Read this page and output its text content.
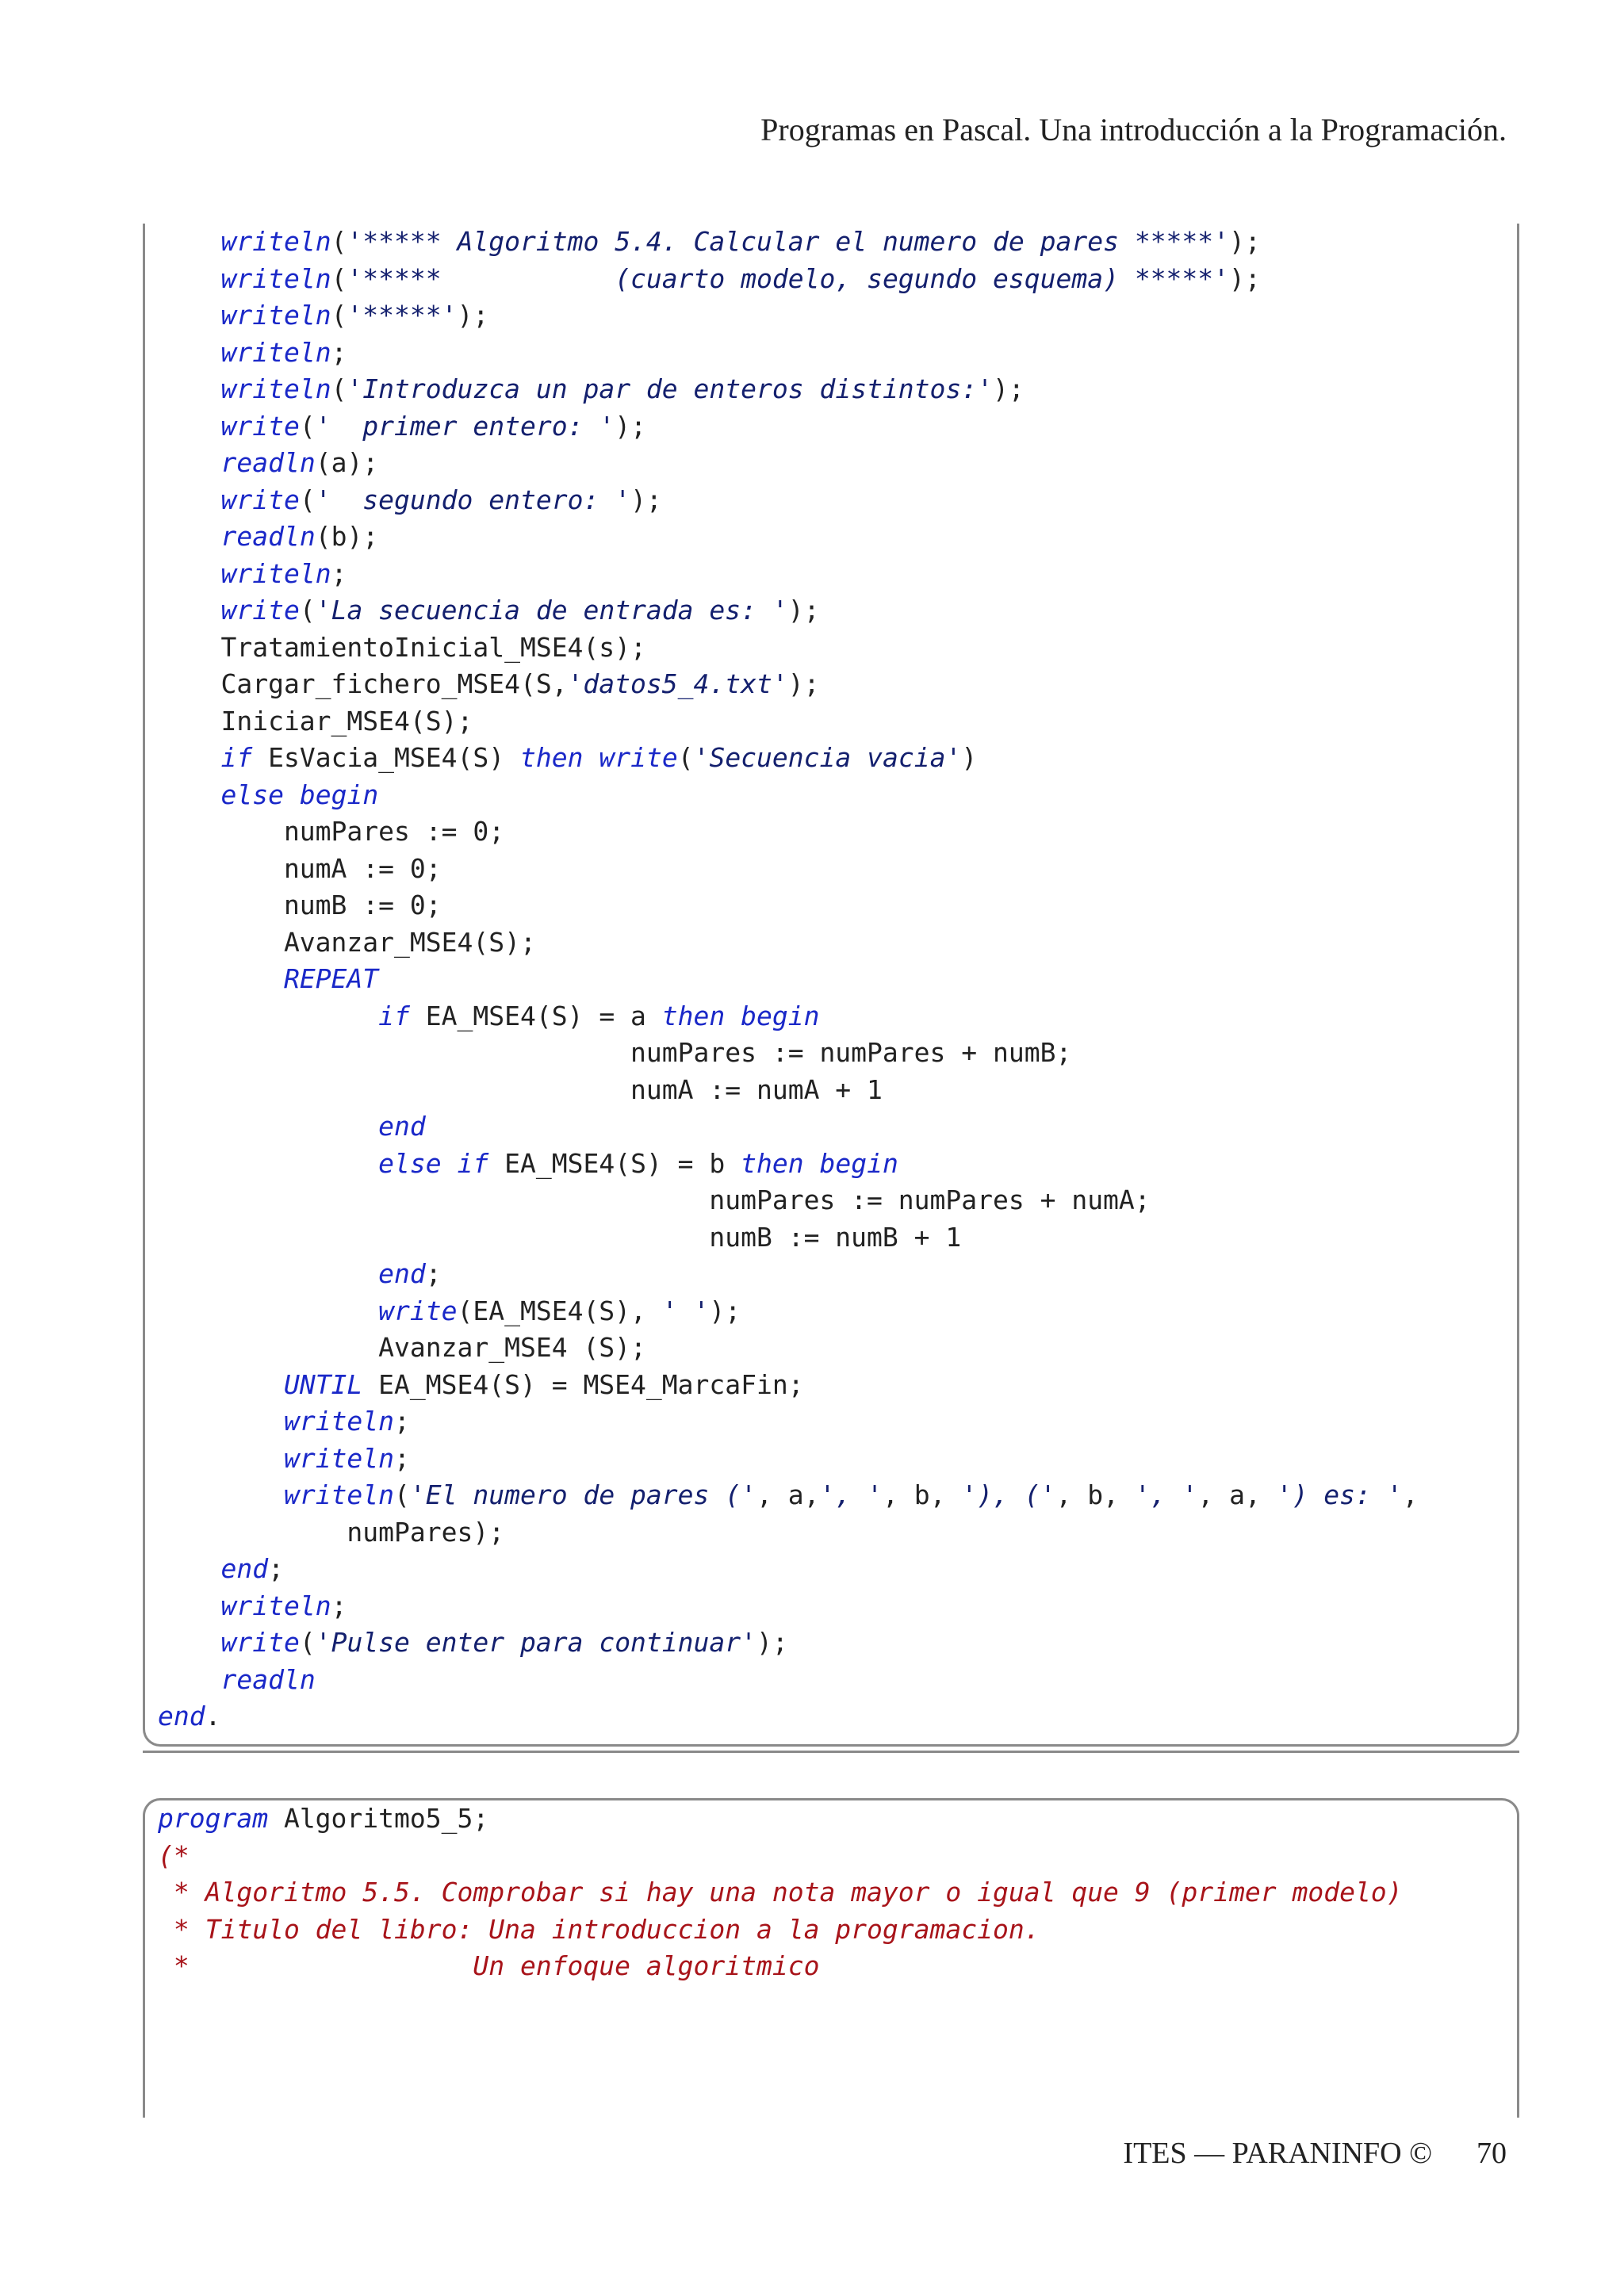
Programas en Pascal. Una introducción a la Programación.
writeln('***** Algoritmo 5.4. Calcular el numero de pares *****');
writeln('*****           (cuarto modelo, segundo esquema) *****');
writeln('*****');
writeln;
writeln('Introduzca un par de enteros distintos:');
write('  primer entero: ');
readln(a);
write('  segundo entero: ');
readln(b);
writeln;
write('La secuencia de entrada es: ');
TratamientoInicial_MSE4(s);
Cargar_fichero_MSE4(S,'datos5_4.txt');
Iniciar_MSE4(S);
if EsVacia_MSE4(S) then write('Secuencia vacia')
else begin
numPares := 0;
numA := 0;
numB := 0;
Avanzar_MSE4(S);
REPEAT
if EA_MSE4(S) = a then begin
numPares := numPares + numB;
numA := numA + 1
end
else if EA_MSE4(S) = b then begin
numPares := numPares + numA;
numB := numB + 1
end;
write(EA_MSE4(S), ' ');
Avanzar_MSE4 (S);
UNTIL EA_MSE4(S) = MSE4_MarcaFin;
writeln;
writeln;
writeln('El numero de pares (', a,', ', b, '), (', b, ', ', a, ') es: ',
numPares);
end;
writeln;
write('Pulse enter para continuar');
readln
end.
program Algoritmo5_5;
(*
* Algoritmo 5.5. Comprobar si hay una nota mayor o igual que 9 (primer modelo)
* Titulo del libro: Una introduccion a la programacion.
*                  Un enfoque algoritmico
ITES — PARANINFO © 70
